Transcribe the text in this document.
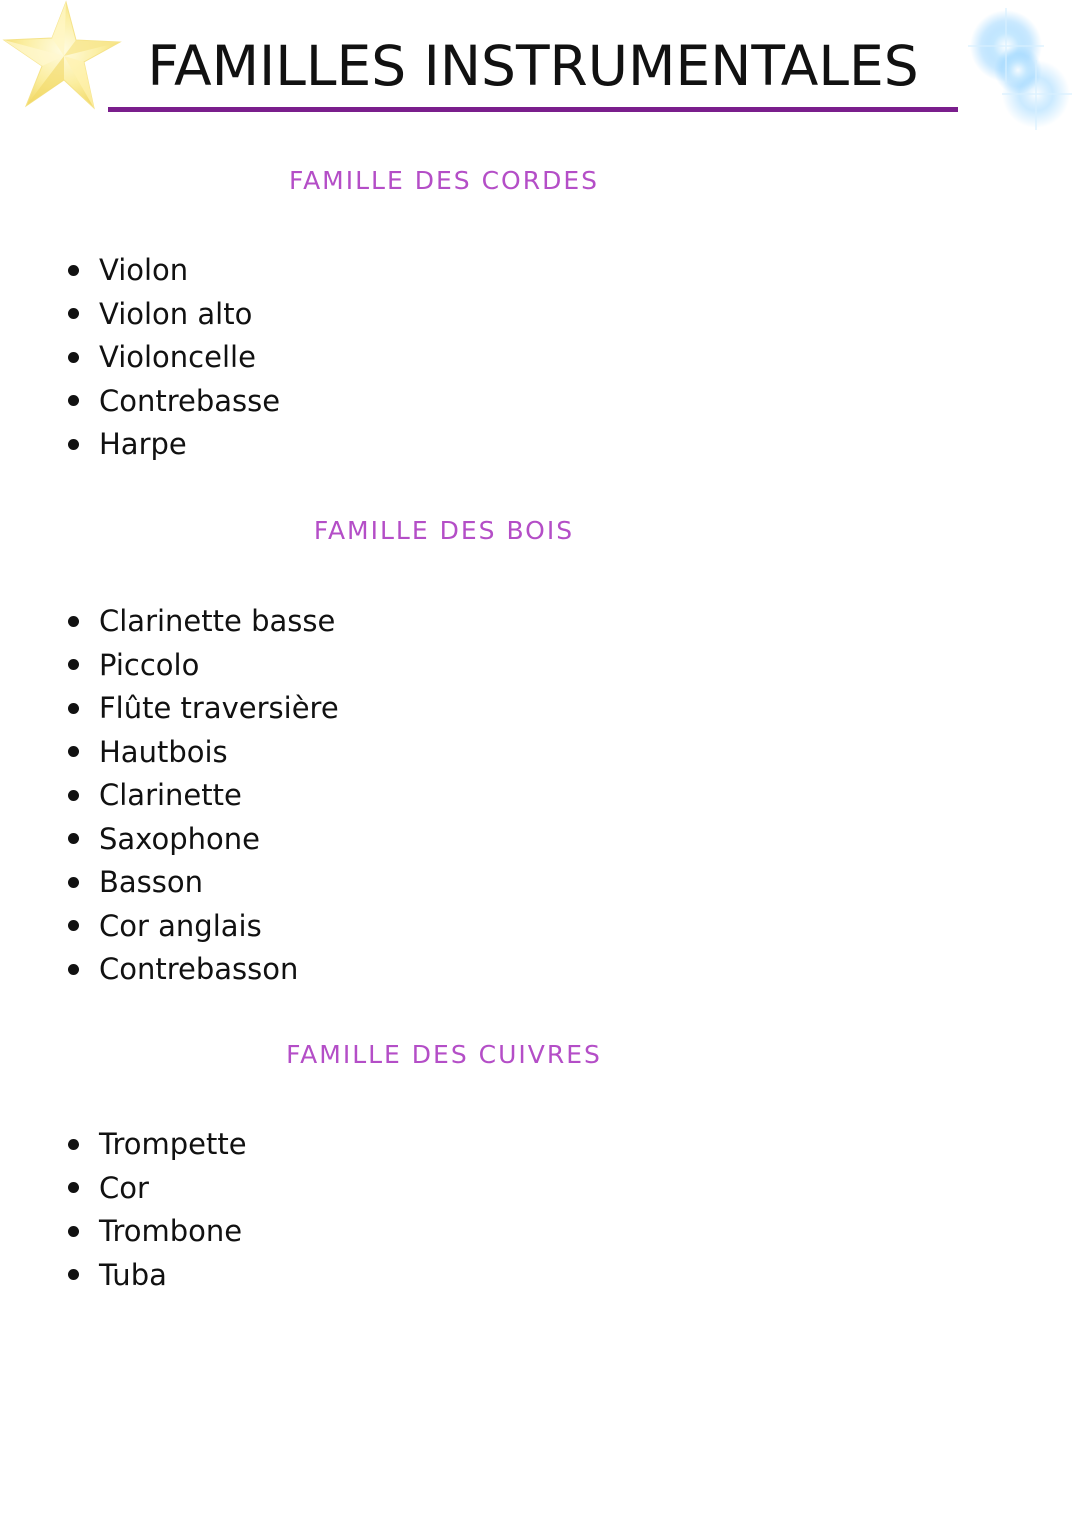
FAMILLES INSTRUMENTALES
FAMILLE DES CORDES
Violon
Violon alto
Violoncelle
Contrebasse
Harpe
FAMILLE DES BOIS
Clarinette basse
Piccolo
Flûte traversière
Hautbois
Clarinette
Saxophone
Basson
Cor anglais
Contrebasson
FAMILLE DES CUIVRES
Trompette
Cor
Trombone
Tuba
